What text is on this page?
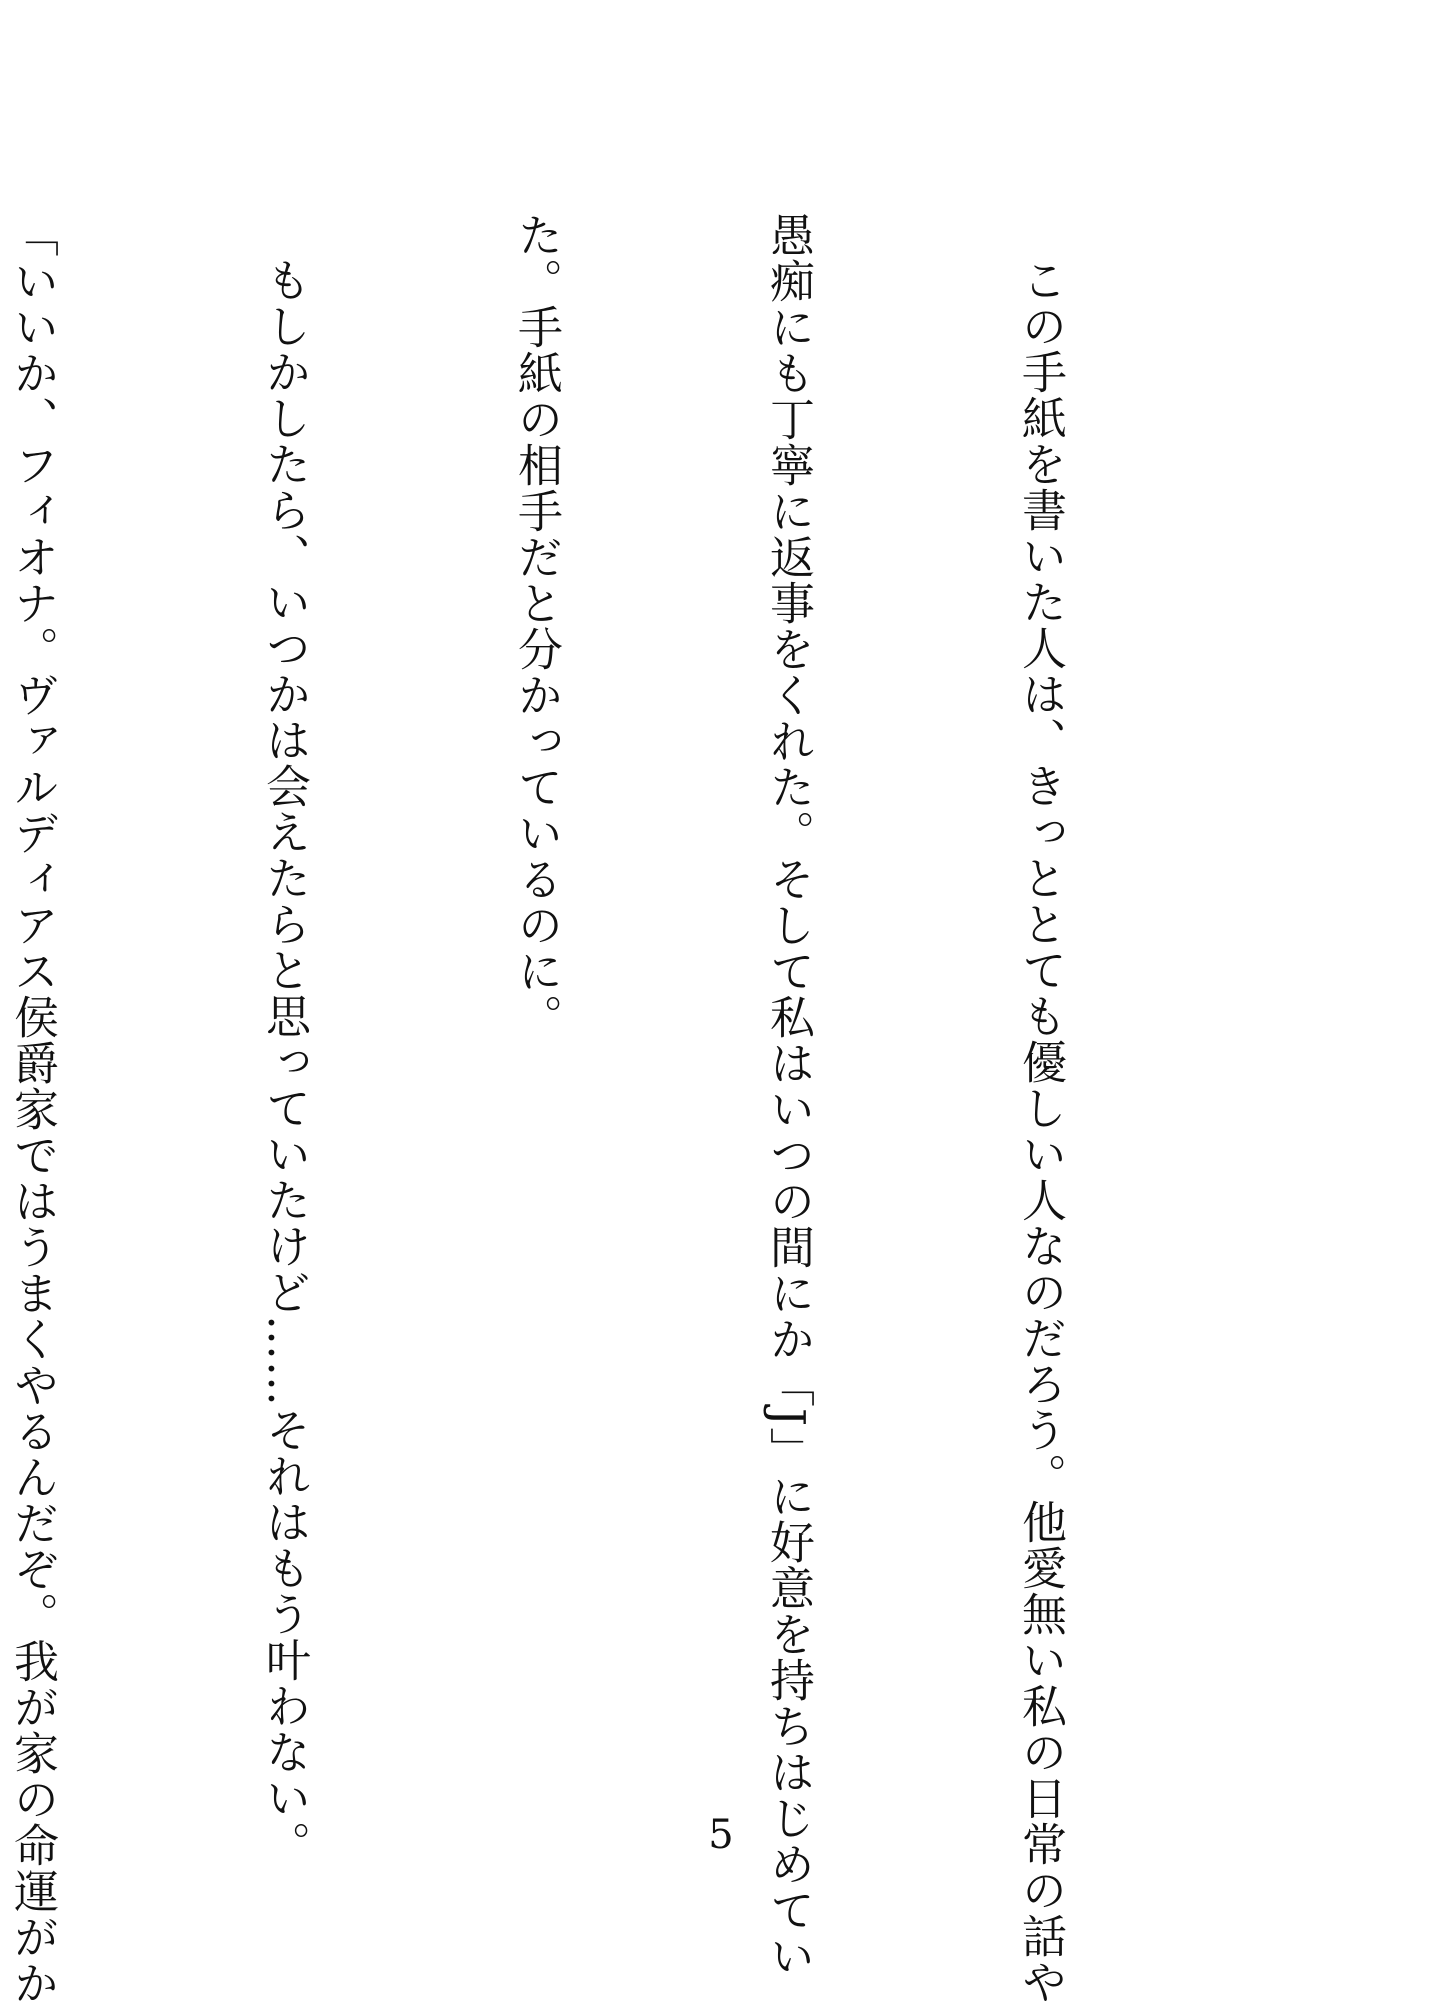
この手紙を書いた人は、きっととても優しい人なのだろう。他愛無い私の日常の話や

愚痴にも丁寧に返事をくれた。そして私はいつの間にか「J」に好意を持ちはじめてい

た。手紙の相手だと分かっているのに。

もしかしたら、いつかは会えたらと思っていたけど……それはもう叶わない。

「いいか、フィオナ。ヴァルディアス侯爵家ではうまくやるんだぞ。我が家の命運がか

	5
